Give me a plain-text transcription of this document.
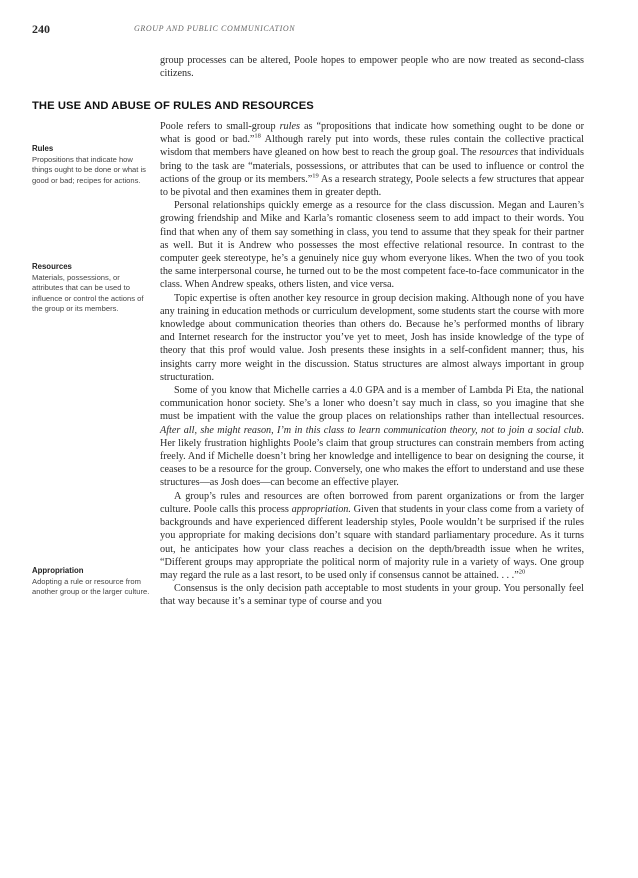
240	GROUP AND PUBLIC COMMUNICATION

group processes can be altered, Poole hopes to empower people who are now treated as second-class citizens.

THE USE AND ABUSE OF RULES AND RESOURCES
Rules
Propositions that indicate how things ought to be done or what is good or bad; recipes for actions.
Resources
Materials, possessions, or attributes that can be used to influence or control the actions of the group or its members.
Appropriation
Adopting a rule or resource from another group or the larger culture.

Poole refers to small-group rules as “propositions that indicate how something ought to be done or what is good or bad.”$^{18}$ Although rarely put into words, these rules contain the collective practical wisdom that members have gleaned on how best to reach the group goal. The resources that individuals bring to the task are “materials, possessions, or attributes that can be used to influence or control the actions of the group or its members.”$^{19}$ As a research strategy, Poole selects a few structures that appear to be pivotal and then examines them in greater depth.

Personal relationships quickly emerge as a resource for the class discussion. Megan and Lauren’s growing friendship and Mike and Karla’s romantic closeness seem to add impact to their words. You find that when any of them say something in class, you tend to assume that they speak for their partner as well. But it is Andrew who possesses the most effective relational resource. In contrast to the computer geek stereotype, he’s a genuinely nice guy whom everyone likes. When the two of you took the same interpersonal course, he turned out to be the most competent face-to-face communicator in the class. When Andrew speaks, others listen, and vice versa.

Topic expertise is often another key resource in group decision making. Although none of you have any training in education methods or curriculum development, some students start the course with more knowledge about communication theories than others do. Because he’s performed months of library and Internet research for the instructor you’ve yet to meet, Josh has inside knowledge of the type of theory that this prof would value. Josh presents these insights in a self-confident manner; thus, his insights carry more weight in the discussion. Status structures are almost always important in group structuration.

Some of you know that Michelle carries a 4.0 GPA and is a member of Lambda Pi Eta, the national communication honor society. She’s a loner who doesn’t say much in class, so you imagine that she must be impatient with the value the group places on relationships rather than intellectual resources. After all, she might reason, I’m in this class to learn communication theory, not to join a social club. Her likely frustration highlights Poole’s claim that group structures can constrain members from acting freely. And if Michelle doesn’t bring her knowledge and intelligence to bear on designing the course, it ceases to be a resource for the group. Conversely, one who makes the effort to understand and use these structures—as Josh does—can become an effective player.

A group’s rules and resources are often borrowed from parent organizations or from the larger culture. Poole calls this process appropriation. Given that students in your class come from a variety of backgrounds and have experienced different leadership styles, Poole wouldn’t be surprised if the rules you appropriate for making decisions don’t square with standard parliamentary procedure. As it turns out, he anticipates how your class reaches a decision on the depth/breadth issue when he writes, “Different groups may appropriate the political norm of majority rule in a variety of ways. One group may regard the rule as a last resort, to be used only if consensus cannot be attained. . . .”$^{20}$

Consensus is the only decision path acceptable to most students in your group. You personally feel that way because it’s a seminar type of course and you
